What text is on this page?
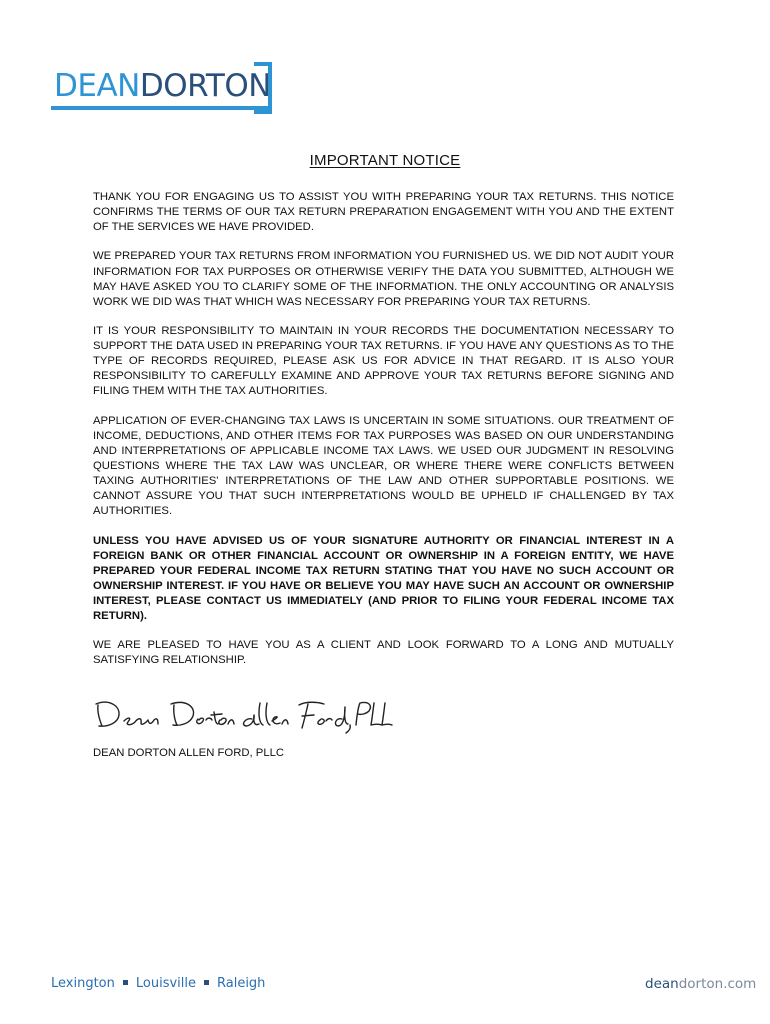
DEANDORTON
IMPORTANT NOTICE

THANK YOU FOR ENGAGING US TO ASSIST YOU WITH PREPARING YOUR TAX RETURNS. THIS NOTICE CONFIRMS THE TERMS OF OUR TAX RETURN PREPARATION ENGAGEMENT WITH YOU AND THE EXTENT OF THE SERVICES WE HAVE PROVIDED.

WE PREPARED YOUR TAX RETURNS FROM INFORMATION YOU FURNISHED US. WE DID NOT AUDIT YOUR INFORMATION FOR TAX PURPOSES OR OTHERWISE VERIFY THE DATA YOU SUBMITTED, ALTHOUGH WE MAY HAVE ASKED YOU TO CLARIFY SOME OF THE INFORMATION. THE ONLY ACCOUNTING OR ANALYSIS WORK WE DID WAS THAT WHICH WAS NECESSARY FOR PREPARING YOUR TAX RETURNS.

IT IS YOUR RESPONSIBILITY TO MAINTAIN IN YOUR RECORDS THE DOCUMENTATION NECESSARY TO SUPPORT THE DATA USED IN PREPARING YOUR TAX RETURNS. IF YOU HAVE ANY QUESTIONS AS TO THE TYPE OF RECORDS REQUIRED, PLEASE ASK US FOR ADVICE IN THAT REGARD. IT IS ALSO YOUR RESPONSIBILITY TO CAREFULLY EXAMINE AND APPROVE YOUR TAX RETURNS BEFORE SIGNING AND FILING THEM WITH THE TAX AUTHORITIES.

APPLICATION OF EVER-CHANGING TAX LAWS IS UNCERTAIN IN SOME SITUATIONS. OUR TREATMENT OF INCOME, DEDUCTIONS, AND OTHER ITEMS FOR TAX PURPOSES WAS BASED ON OUR UNDERSTANDING AND INTERPRETATIONS OF APPLICABLE INCOME TAX LAWS. WE USED OUR JUDGMENT IN RESOLVING QUESTIONS WHERE THE TAX LAW WAS UNCLEAR, OR WHERE THERE WERE CONFLICTS BETWEEN TAXING AUTHORITIES' INTERPRETATIONS OF THE LAW AND OTHER SUPPORTABLE POSITIONS. WE CANNOT ASSURE YOU THAT SUCH INTERPRETATIONS WOULD BE UPHELD IF CHALLENGED BY TAX AUTHORITIES.

UNLESS YOU HAVE ADVISED US OF YOUR SIGNATURE AUTHORITY OR FINANCIAL INTEREST IN A FOREIGN BANK OR OTHER FINANCIAL ACCOUNT OR OWNERSHIP IN A FOREIGN ENTITY, WE HAVE PREPARED YOUR FEDERAL INCOME TAX RETURN STATING THAT YOU HAVE NO SUCH ACCOUNT OR OWNERSHIP INTEREST. IF YOU HAVE OR BELIEVE YOU MAY HAVE SUCH AN ACCOUNT OR OWNERSHIP INTEREST, PLEASE CONTACT US IMMEDIATELY (AND PRIOR TO FILING YOUR FEDERAL INCOME TAX RETURN).

WE ARE PLEASED TO HAVE YOU AS A CLIENT AND LOOK FORWARD TO A LONG AND MUTUALLY SATISFYING RELATIONSHIP.

DEAN DORTON ALLEN FORD, PLLC
Lexington Louisville Raleigh	deandorton.com
